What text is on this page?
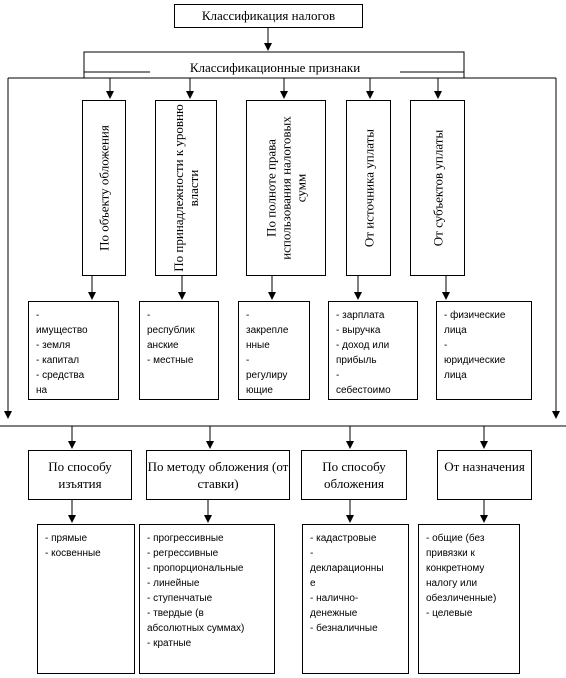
Классификация налогов
Классификационные признаки
По объекту обложения	По принадлежности к уровню власти	По полноте права использования налоговых сумм	От источника уплаты	От субъектов уплаты
-
имущество
- земля
- капитал
- средства
на
-
республик
анские
- местные
-
закрепле
нные
-
регулиру
ющие
- зарплата
- выручка
- доход или
прибыль
-
себестоимо
- физические
лица
-
юридические
лица
По способу изъятия
По методу обложения (от ставки)
По способу обложения
От назначения
- прямые
- косвенные
- прогрессивные
- регрессивные
- пропорциональные
- линейные
- ступенчатые
- твердые (в
абсолютных суммах)
- кратные
- кадастровые
-
декларационны
е
- налично-
денежные
- безналичные
- общие (без
привязки к
конкретному
налогу или
обезличенные)
- целевые
